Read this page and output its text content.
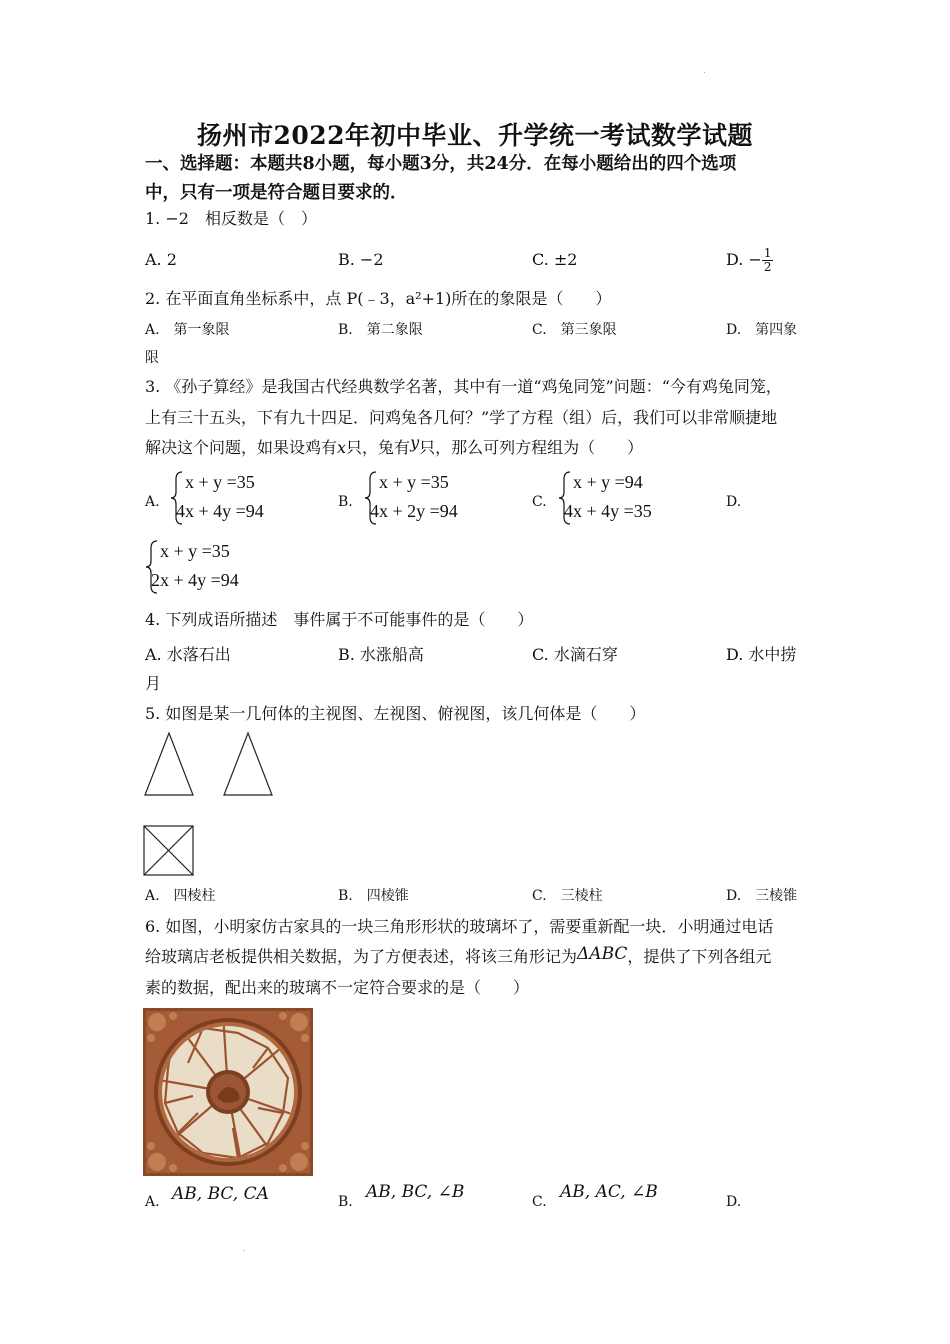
.
扬州市2022年初中毕业、升学统一考试数学试题
一、选择题：本题共8小题，每小题3分，共24分．在每小题给出的四个选项
中，只有一项是符合题目要求的．
1. −2　相反数是（　）
A. 2	B. −2	C. ±2	D. − $\frac{1}{2}$
2. 在平面直角坐标系中，点 P(﹣3，a²+1)所在的象限是（　　）
A.　第一象限	B.　第二象限	C.　第三象限	D.　第四象
限
3. 《孙子算经》是我国古代经典数学名著，其中有一道“鸡兔同笼”问题：“今有鸡兔同笼，
上有三十五头，下有九十四足．问鸡兔各几何？”学了方程（组）后，我们可以非常顺捷地
解决这个问题，如果设鸡有x只，兔有y只，那么可列方程组为（　　）
A.
x + y =35
4x + 4y =94	B.
x + y =35
4x + 2y =94	C.
x + y =94
4x + 4y =35	D.
x + y =35
2x + 4y =94
4. 下列成语所描述　事件属于不可能事件的是（　　）
A. 水落石出	B. 水涨船高	C. 水滴石穿	D. 水中捞
月
5. 如图是某一几何体的主视图、左视图、俯视图，该几何体是（　　）
A.　四棱柱	B.　四棱锥	C.　三棱柱	D.　三棱锥
6. 如图，小明家仿古家具的一块三角形形状的玻璃坏了，需要重新配一块．小明通过电话
给玻璃店老板提供相关数据，为了方便表述，将该三角形记为ΔABC，提供了下列各组元
素的数据，配出来的玻璃不一定符合要求的是（　　）
A. AB, BC, CA	B. AB, BC, ∠B	C. AB, AC, ∠B	D.
.
